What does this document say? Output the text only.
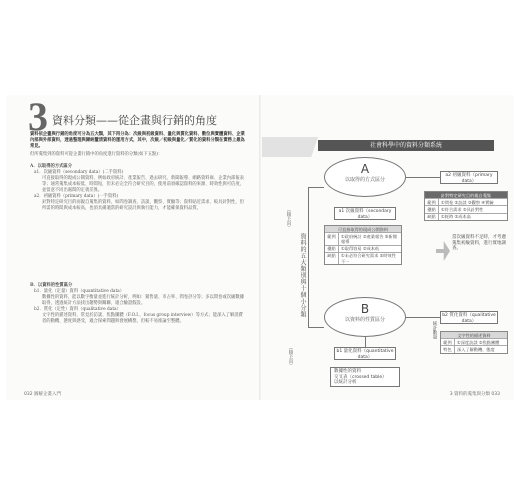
3 資料分類——從企畫與行銷的角度
資料依企畫與行銷的角度可分為五大類，其下再分為：次級與初級資料、量化與質化資料、數位與實體資料、企業內部與外部資料，透過整理與歸納釐清資料的運用方式，其中，次級／初級與量化／質化的資料分類在實務上最為常見。
但所蒐集到的資料可從企畫行銷中的角度進行資料的分類(如下五點)：
A．以取得的方式區分
a1．次級資料（secondary data）(二手資料)
可直接取得的現成公開資料，例如政府統計、產業報告、過去研究、新聞報導、網路資料庫、企業內部報表等；通常蒐集成本較低、時間短，但未必完全符合研究目的，使用前須確認資料的來源、時效性與可信度，並留意不同出處間的定義差異。
a2．初級資料（primary data）(一手資料)
針對特定研究目的而親自蒐集的資料，如問卷調查、訪談、觀察、實驗等；資料貼近需求、較具針對性，但所需的時間與成本較高，也須具備適當的研究設計與執行能力，才能確保資料品質。
B．以資料的性質區分
b1．量化（定量）資料（quantitative data）
數據性的資料，能以數字衡量並進行統計分析，例如：銷售量、市占率、問卷評分等；多以問卷或次級數據取得，透過統計方法找出趨勢與關聯，適合驗證假設。
b2．質化（定性）資料（qualitative data）
文字性的描述資料，常見於訪談、焦點團體（F.O.I.，focus group interview）等方式；能深入了解消費者的動機、態度與感受，適合探索問題與發展構想，但較不易推論至整體。
032 圖解企畫入門
社會科學中的資料分類系統
資料的五大類別與十個小分類
（接下頁）
（接下頁）
統計數量
A
以取得的方式區分
a1 次級資料（secondary data）
可直接取得的現成公開資料
範例	①政府統計 ②產業報告 ③新聞報導
優點	①取得容易 ②成本低
缺點	①未必符合研究需求 ②時效性不一
a2 初級資料（primary data）
針對特定研究目的親自蒐集
範例	①問卷 ②訪談 ③觀察 ④實驗
優點	①符合需求 ②具針對性
缺點	①耗時 ②成本高
當次級資料不足時，才考慮蒐集初級資料，進行實地調查。
B
以資料的性質區分
b1 量化資料（quantitative data）
數據性的資料
交叉表（crossed table）
以統計分析
b2 質化資料（qualitative data）
文字性的描述資料
範例	①深度訪談 ②焦點團體
特色	深入了解動機、態度
3 資料的蒐集與分類 033
